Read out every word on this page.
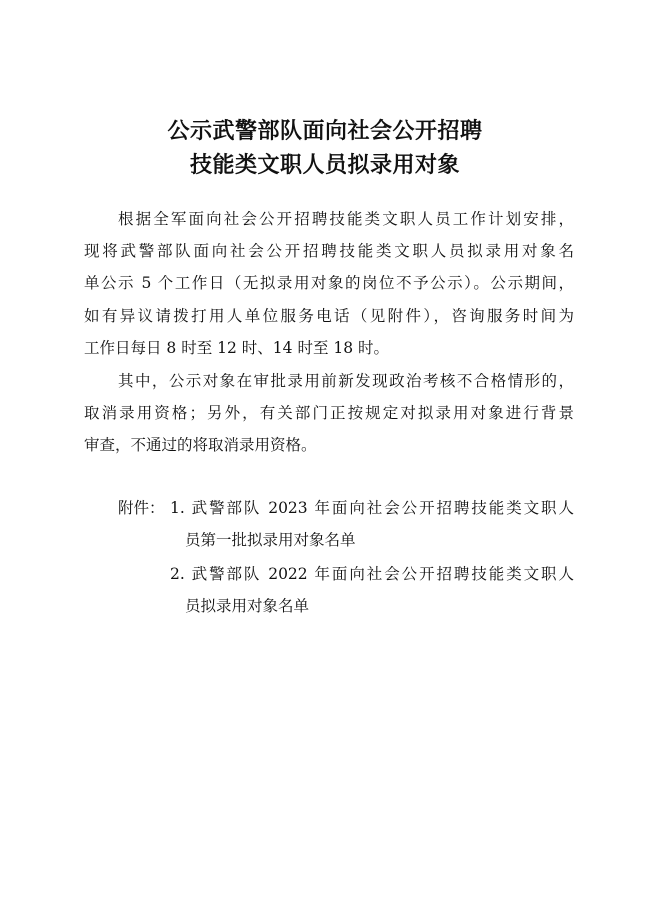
公示武警部队面向社会公开招聘
技能类文职人员拟录用对象
根据全军面向社会公开招聘技能类文职人员工作计划安排，
现将武警部队面向社会公开招聘技能类文职人员拟录用对象名
单公示 5 个工作日（无拟录用对象的岗位不予公示）。公示期间，
如有异议请拨打用人单位服务电话（见附件），咨询服务时间为
工作日每日 8 时至 12 时、14 时至 18 时。
其中，公示对象在审批录用前新发现政治考核不合格情形的，
取消录用资格；另外，有关部门正按规定对拟录用对象进行背景
审查，不通过的将取消录用资格。
附件： 1. 武警部队 2023 年面向社会公开招聘技能类文职人
员第一批拟录用对象名单
2. 武警部队 2022 年面向社会公开招聘技能类文职人
员拟录用对象名单
